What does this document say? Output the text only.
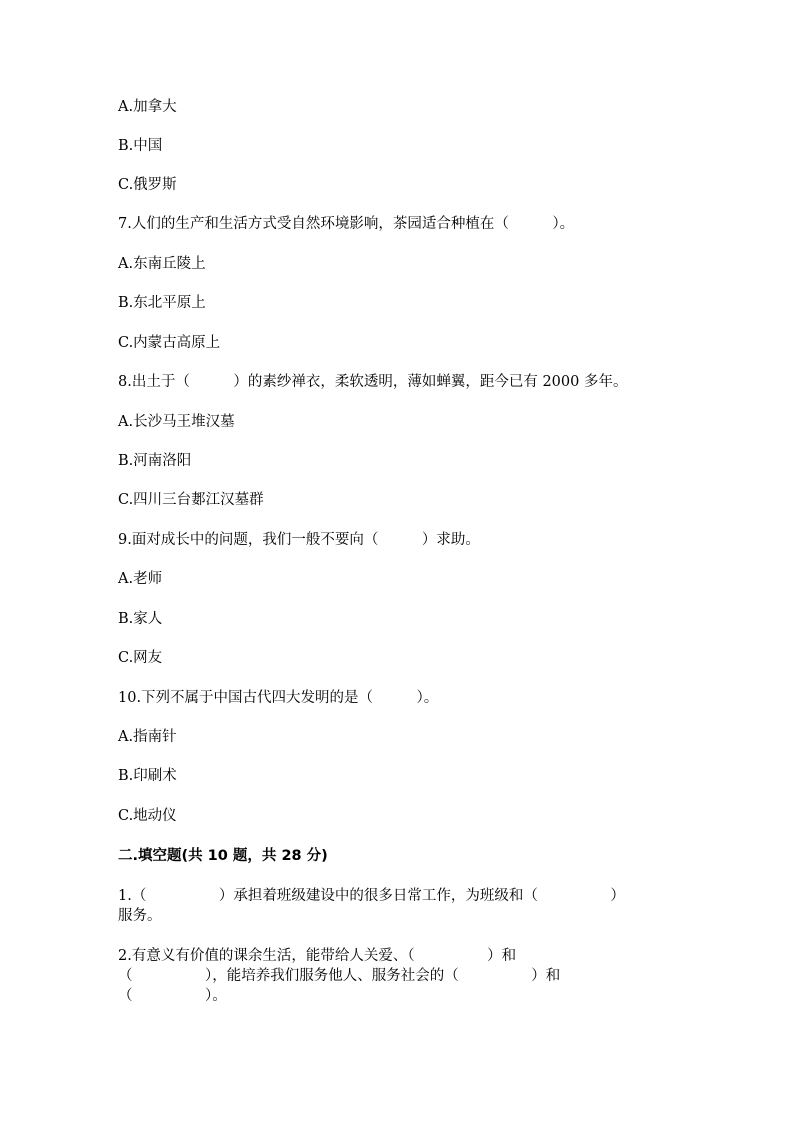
A.加拿大
B.中国
C.俄罗斯
7.人们的生产和生活方式受自然环境影响，茶园适合种植在（　　　）。
A.东南丘陵上
B.东北平原上
C.内蒙古高原上
8.出土于（　　　）的素纱禅衣，柔软透明，薄如蝉翼，距今已有 2000 多年。
A.长沙马王堆汉墓
B.河南洛阳
C.四川三台郪江汉墓群
9.面对成长中的问题，我们一般不要向（　　　）求助。
A.老师
B.家人
C.网友
10.下列不属于中国古代四大发明的是（　　　）。
A.指南针
B.印刷术
C.地动仪
二.填空题(共 10 题，共 28 分)
1.（　　　　　）承担着班级建设中的很多日常工作，为班级和（　　　　　）
服务。
2.有意义有价值的课余生活，能带给人关爱、（　　　　　）和
（　　　　　），能培养我们服务他人、服务社会的（　　　　　）和
（　　　　　）。
